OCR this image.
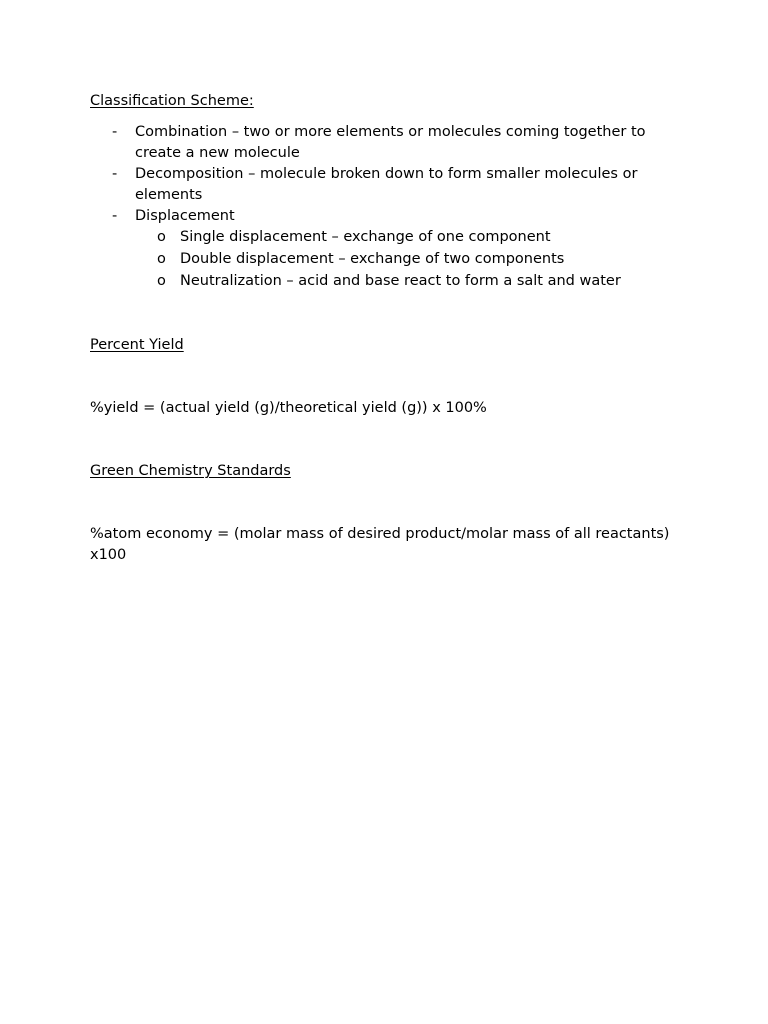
Classification Scheme:

- Combination – two or more elements or molecules coming together to create a new molecule
- Decomposition – molecule broken down to form smaller molecules or elements
- Displacement
o Single displacement – exchange of one component
o Double displacement – exchange of two components
o Neutralization – acid and base react to form a salt and water

Percent Yield

%yield = (actual yield (g)/theoretical yield (g)) x 100%

Green Chemistry Standards

%atom economy = (molar mass of desired product/molar mass of all reactants) x100
